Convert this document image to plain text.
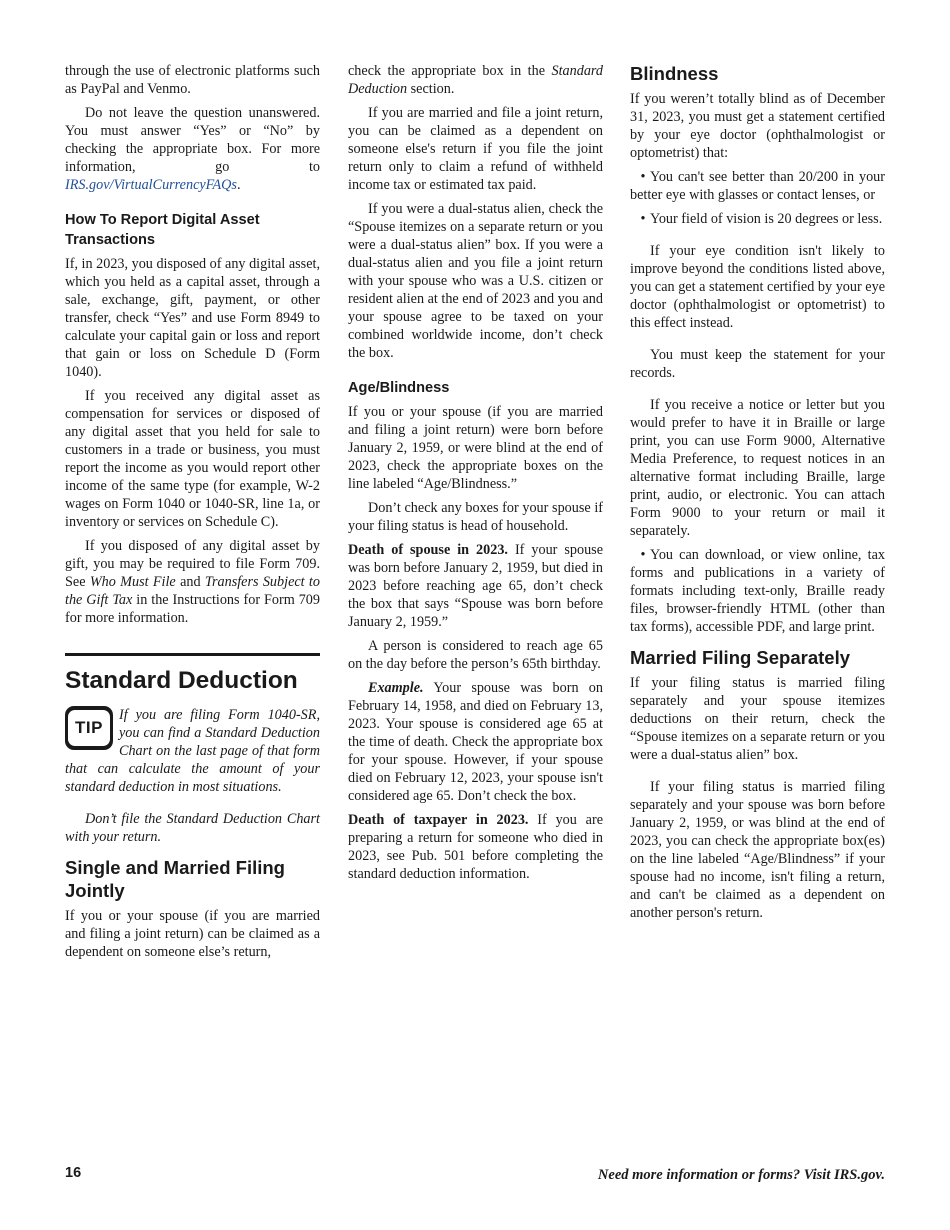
through the use of electronic platforms such as PayPal and Venmo.

Do not leave the question unanswered. You must answer “Yes” or “No” by checking the appropriate box. For more information, go to IRS.gov/VirtualCurrencyFAQs.

How To Report Digital Asset Transactions

If, in 2023, you disposed of any digital asset, which you held as a capital asset, through a sale, exchange, gift, payment, or other transfer, check “Yes” and use Form 8949 to calculate your capital gain or loss and report that gain or loss on Schedule D (Form 1040).

If you received any digital asset as compensation for services or disposed of any digital asset that you held for sale to customers in a trade or business, you must report the income as you would report other income of the same type (for example, W-2 wages on Form 1040 or 1040-SR, line 1a, or inventory or services on Schedule C).

If you disposed of any digital asset by gift, you may be required to file Form 709. See Who Must File and Transfers Subject to the Gift Tax in the Instructions for Form 709 for more information.

Standard Deduction
TIP

If you are filing Form 1040-SR, you can find a Standard Deduction Chart on the last page of that form that can calculate the amount of your standard deduction in most situations.

Don’t file the Standard Deduction Chart with your return.

Single and Married Filing Jointly

If you or your spouse (if you are married and filing a joint return) can be claimed as a dependent on someone else’s return,

check the appropriate box in the Standard Deduction section.

If you are married and file a joint return, you can be claimed as a dependent on someone else's return if you file the joint return only to claim a refund of withheld income tax or estimated tax paid.

If you were a dual-status alien, check the “Spouse itemizes on a separate return or you were a dual-status alien” box. If you were a dual-status alien and you file a joint return with your spouse who was a U.S. citizen or resident alien at the end of 2023 and you and your spouse agree to be taxed on your combined worldwide income, don’t check the box.

Age/Blindness

If you or your spouse (if you are married and filing a joint return) were born before January 2, 1959, or were blind at the end of 2023, check the appropriate boxes on the line labeled “Age/Blindness.”

Don’t check any boxes for your spouse if your filing status is head of household.

Death of spouse in 2023. If your spouse was born before January 2, 1959, but died in 2023 before reaching age 65, don’t check the box that says “Spouse was born before January 2, 1959.”

A person is considered to reach age 65 on the day before the person’s 65th birthday.

Example. Your spouse was born on February 14, 1958, and died on February 13, 2023. Your spouse is considered age 65 at the time of death. Check the appropriate box for your spouse. However, if your spouse died on February 12, 2023, your spouse isn't considered age 65. Don’t check the box.

Death of taxpayer in 2023. If you are preparing a return for someone who died in 2023, see Pub. 501 before completing the standard deduction information.

Blindness

If you weren’t totally blind as of December 31, 2023, you must get a statement certified by your eye doctor (ophthalmologist or optometrist) that:

• You can't see better than 20/200 in your better eye with glasses or contact lenses, or

• Your field of vision is 20 degrees or less.

If your eye condition isn't likely to improve beyond the conditions listed above, you can get a statement certified by your eye doctor (ophthalmologist or optometrist) to this effect instead.

You must keep the statement for your records.

If you receive a notice or letter but you would prefer to have it in Braille or large print, you can use Form 9000, Alternative Media Preference, to request notices in an alternative format including Braille, large print, audio, or electronic. You can attach Form 9000 to your return or mail it separately.

• You can download, or view online, tax forms and publications in a variety of formats including text-only, Braille ready files, browser-friendly HTML (other than tax forms), accessible PDF, and large print.

Married Filing Separately

If your filing status is married filing separately and your spouse itemizes deductions on their return, check the “Spouse itemizes on a separate return or you were a dual-status alien” box.

If your filing status is married filing separately and your spouse was born before January 2, 1959, or was blind at the end of 2023, you can check the appropriate box(es) on the line labeled “Age/Blindness” if your spouse had no income, isn't filing a return, and can't be claimed as a dependent on another person's return.

16	Need more information or forms? Visit IRS.gov.
